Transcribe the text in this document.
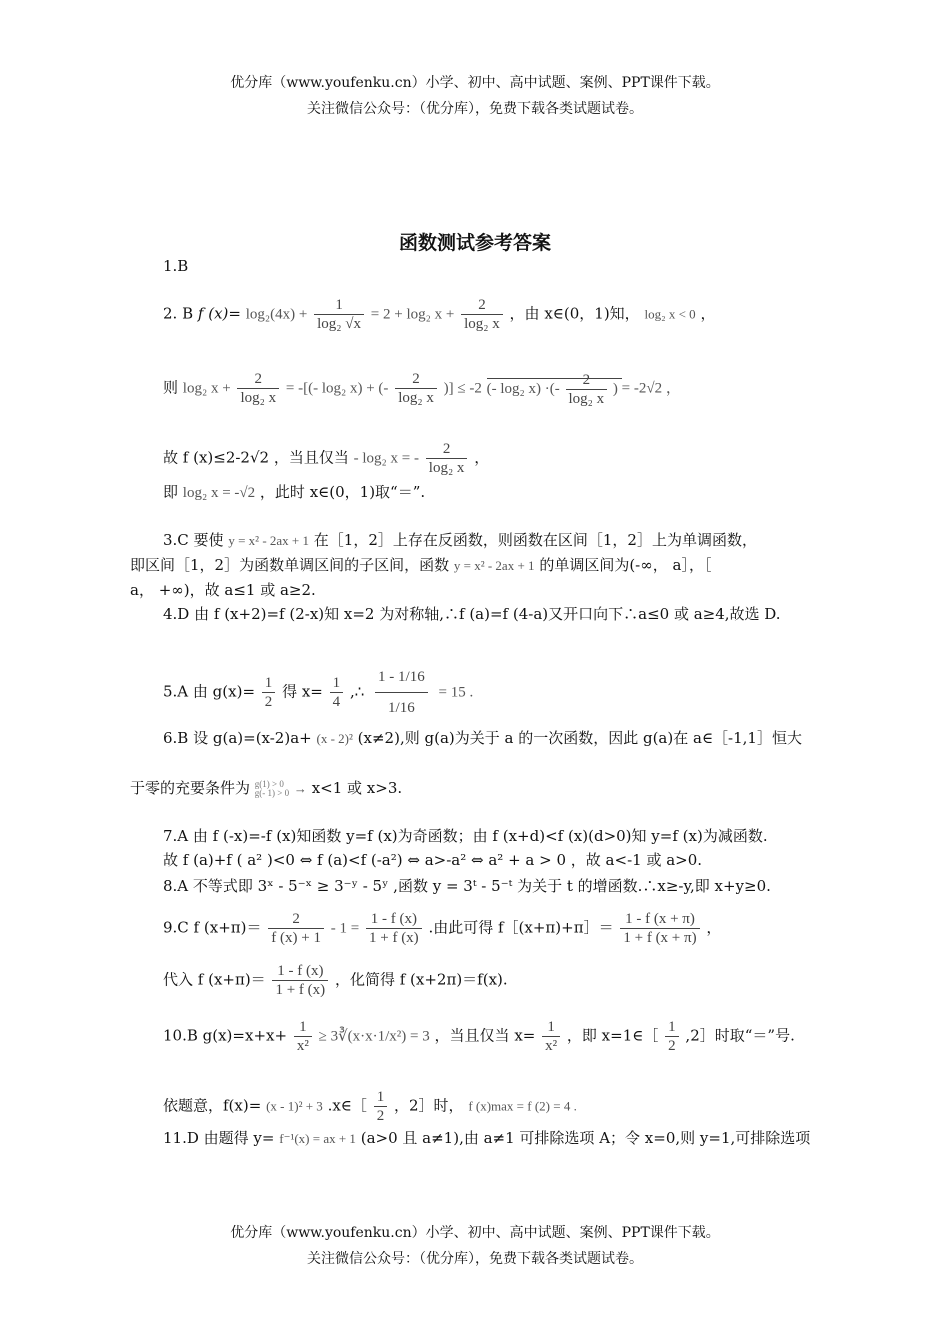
优分库（www.youfenku.cn）小学、初中、高中试题、案例、PPT课件下载。
关注微信公众号：（优分库），免费下载各类试题试卷。
函数测试参考答案
1.B
2. B f $(x)= \log_2(4x) + \frac{1}{\text{log₂ √x}} = 2 + \log_2$ $x + \frac{2}{\text{log₂ x}}$ ，由 x∈(0，1)知， log₂ x < 0 ，
则 log₂ $x + \frac{2}{\text{log₂ x}}$ = -[(- log₂ x) + (- $\frac{2}{\text{log₂ x}}$ )] ≤ -2 (- log₂ x) ·(- $\frac{2}{\text{log₂ x}}$ ) = -2√2 ，
故 f (x)≤2-2√2 ，当且仅当 - log₂ x = - $\frac{2}{\text{log₂ x}}$ ，
即 log₂ x = -√2 ，此时 x∈(0，1)取“＝”.
3.C 要使 y = x² - 2ax + 1 在［1，2］上存在反函数，则函数在区间［1，2］上为单调函数，
即区间［1，2］为函数单调区间的子区间，函数 y = x² - 2ax + 1 的单调区间为(-∞， a］，［
a， +∞)，故 a≤1 或 a≥2.
4.D 由 f (x+2)=f (2-x)知 x=2 为对称轴,∴f (a)=f (4-a)又开口向下∴a≤0 或 a≥4,故选 D.
5.A 由 $g(x)= \frac{1}{2}$ 得 $x= \frac{1}{4}$ ,∴ $\frac{1 - 1/16}{1/16} = 15$ .
6.B 设 g(a)=(x-2)a+ (x - 2)² (x≠2),则 g(a)为关于 a 的一次函数，因此 g(a)在 a∈［-1,1］恒大
于零的充要条件为 g(1) > 0
g(- 1) > 0 → x<1 或 x>3.
7.A 由 f (-x)=-f (x)知函数 y=f (x)为奇函数；由 f (x+d)<f (x)(d>0)知 y=f (x)为减函数.
故 f (a)+f ( a² )<0 ⇔ f (a)<f (-a²) ⇔ a>-a² ⇔ a² + a > 0 ，故 a<-1 或 a>0.
8.A 不等式即 3ˣ - 5⁻ˣ ≥ 3⁻ʸ - 5ʸ ,函数 y = 3ᵗ - 5⁻ᵗ 为关于 t 的增函数.∴x≥-y,即 x+y≥0.
9.C f $(x+\pi)= \frac{2}{f (x) + 1} - 1 = \frac{1 - f (x)}{1 + f (x)}$ .由此可得 f［(x+π)+π］＝ $\frac{1 - f (x + \pi)}{1 + f (x + \pi)}$ ，
代入 f $(x+\pi)= \frac{1 - f (x)}{1 + f (x)}$ ，化简得 f (x+2π)＝f(x).
10.B $g(x)=x+x+ \frac{1}{\text{x²}}$ ≥ 3∛(x·x·1/x²) = 3 ，当且仅当 $x= \frac{1}{\text{x²}}$ ，即 x=1∈［ $\frac{1}{2}$ ,2］时取“＝”号.
依题意，f(x)= (x - 1)² + 3 .x∈［ $\frac{1}{2}$ ，2］时， f (x)max = f (2) = 4 .
11.D 由题得 y= f⁻¹(x) = ax + 1 (a>0 且 a≠1),由 a≠1 可排除选项 A；令 x=0,则 y=1,可排除选项
优分库（www.youfenku.cn）小学、初中、高中试题、案例、PPT课件下载。
关注微信公众号：（优分库），免费下载各类试题试卷。
